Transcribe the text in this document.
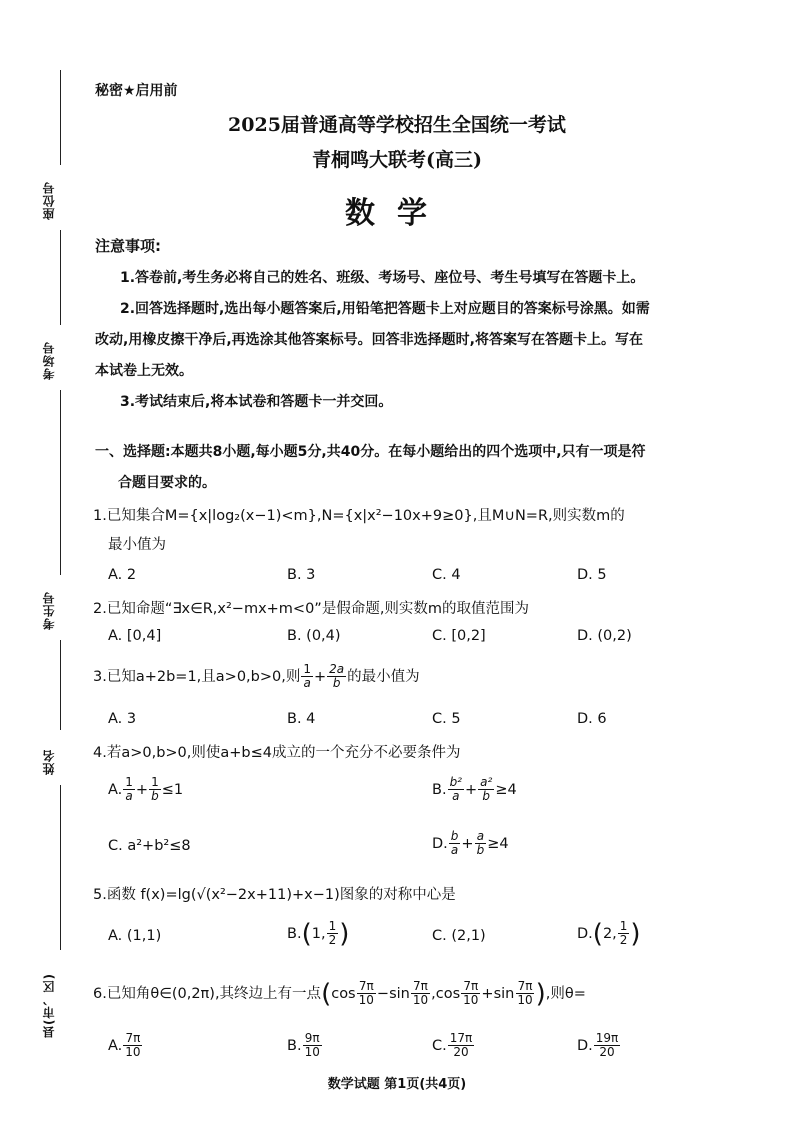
座位号
考场号
考生号
姓名
县(市、区)
秘密★启用前
2025届普通高等学校招生全国统一考试
青桐鸣大联考(高三)
数学
注意事项:
1.答卷前,考生务必将自己的姓名、班级、考场号、座位号、考生号填写在答题卡上。
2.回答选择题时,选出每小题答案后,用铅笔把答题卡上对应题目的答案标号涂黑。如需
改动,用橡皮擦干净后,再选涂其他答案标号。回答非选择题时,将答案写在答题卡上。写在
本试卷上无效。
3.考试结束后,将本试卷和答题卡一并交回。
一、选择题:本题共8小题,每小题5分,共40分。在每小题给出的四个选项中,只有一项是符
合题目要求的。
1.已知集合M={x|log₂(x−1)<m},N={x|x²−10x+9≥0},且M∪N=R,则实数m的
最小值为
A. 2	B. 3	C. 4	D. 5
2.已知命题“∃x∈R,x²−mx+m<0”是假命题,则实数m的取值范围为
A. [0,4]	B. (0,4)	C. [0,2]	D. (0,2)
3.已知a+2b=1,且a>0,b>0,则 $\frac{1}{a} + \frac{2a}{b}$ 的最小值为
A. 3	B. 4	C. 5	D. 6
4.若a>0,b>0,则使a+b≤4成立的一个充分不必要条件为
A. $\frac{1}{a} + \frac{1}{b} \le 1$	B. $\frac{\text{b²}}{a} + \frac{\text{a²}}{b} \ge 4$
C. a²+b²≤8	D. $\frac{b}{a} + \frac{a}{b} \ge 4$
5.函数 f(x)=lg(√(x²−2x+11)+x−1)图象的对称中心是
A. (1,1)	B. ( 1, $\frac{1}{2}$ )	C. (2,1)	D. ( 2, $\frac{1}{2}$ )
6.已知角θ∈(0,2π),其终边上有一点 ( $\cos \frac{7\pi}{10} - \sin \frac{7\pi}{10}$ , $\cos \frac{7\pi}{10} + \sin \frac{7\pi}{10}$ ) ,则θ=
A. $\frac{7\pi}{10}$	B. $\frac{9\pi}{10}$	C. $\frac{17\pi}{20}$	D. $\frac{19\pi}{20}$
数学试题 第1页(共4页)
